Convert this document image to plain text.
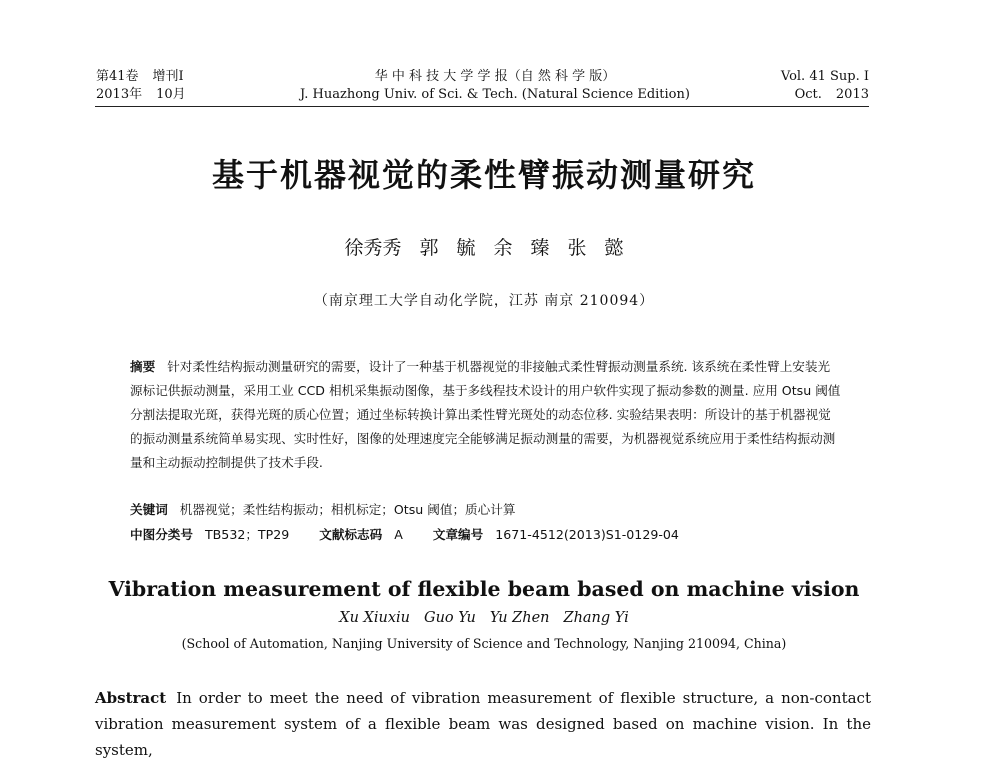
第41卷 增刊Ⅰ
2013年 10月
华 中 科 技 大 学 学 报（自 然 科 学 版）
J. Huazhong Univ. of Sci. & Tech. (Natural Science Edition)
Vol. 41 Sup. Ⅰ
Oct. 2013
基于机器视觉的柔性臂振动测量研究
徐秀秀 郭 毓 余 臻 张 懿
（南京理工大学自动化学院，江苏 南京 210094）
摘要 针对柔性结构振动测量研究的需要，设计了一种基于机器视觉的非接触式柔性臂振动测量系统. 该系统在柔性臂上安装光源标记供振动测量，采用工业 CCD 相机采集振动图像，基于多线程技术设计的用户软件实现了振动参数的测量. 应用 Otsu 阈值分割法提取光斑，获得光斑的质心位置；通过坐标转换计算出柔性臂光斑处的动态位移. 实验结果表明：所设计的基于机器视觉的振动测量系统简单易实现、实时性好，图像的处理速度完全能够满足振动测量的需要，为机器视觉系统应用于柔性结构振动测量和主动振动控制提供了技术手段.
关键词 机器视觉；柔性结构振动；相机标定；Otsu 阈值；质心计算
中图分类号 TB532；TP29 文献标志码 A 文章编号 1671-4512(2013)S1-0129-04
Vibration measurement of flexible beam based on machine vision
Xu Xiuxiu Guo Yu Yu Zhen Zhang Yi
(School of Automation, Nanjing University of Science and Technology, Nanjing 210094, China)
Abstract In order to meet the need of vibration measurement of flexible structure, a non-contact vibration measurement system of a flexible beam was designed based on machine vision. In the system,
